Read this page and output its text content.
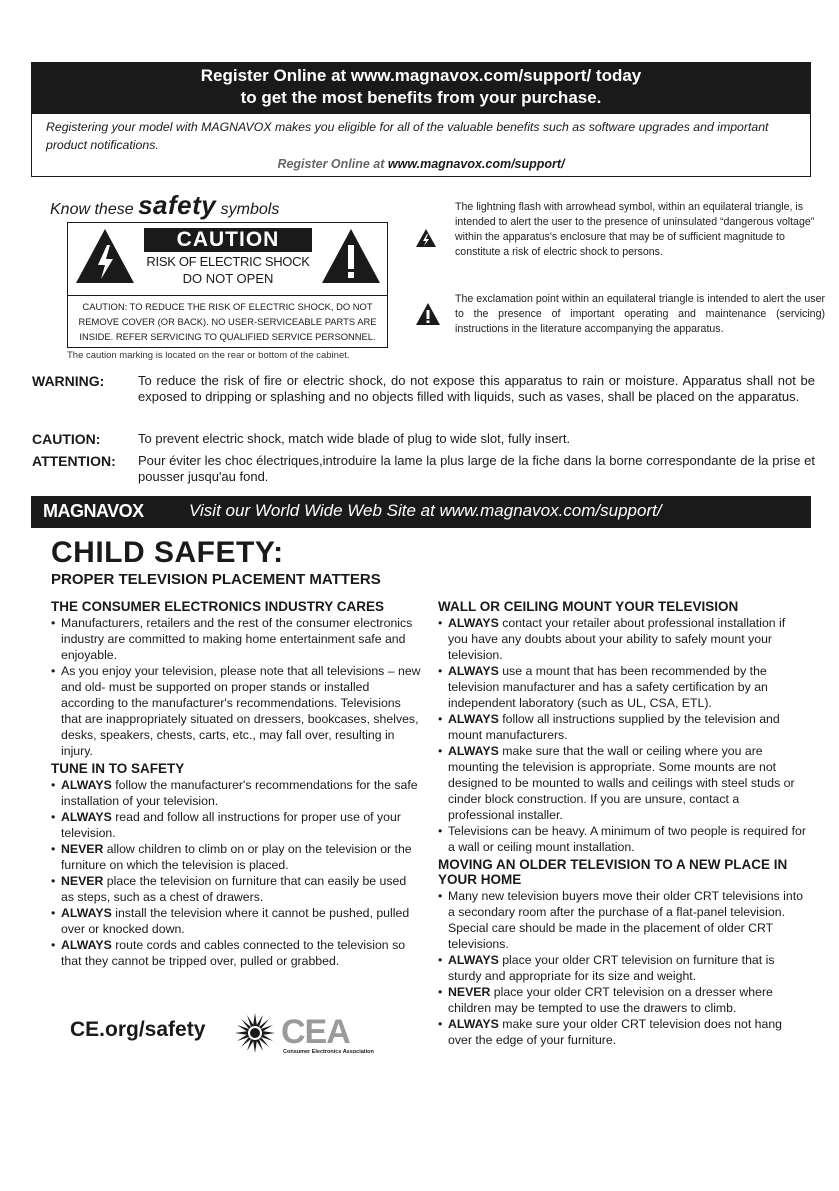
Register Online at www.magnavox.com/support/ today
to get the most benefits from your purchase.
Registering your model with MAGNAVOX makes you eligible for all of the valuable benefits such as software upgrades and important product notifications.
Register Online at www.magnavox.com/support/
Know these safety symbols
CAUTION
RISK OF ELECTRIC SHOCK
DO NOT OPEN
CAUTION: TO REDUCE THE RISK OF ELECTRIC SHOCK, DO NOT
REMOVE COVER (OR BACK). NO USER-SERVICEABLE PARTS ARE
INSIDE. REFER SERVICING TO QUALIFIED SERVICE PERSONNEL.
The caution marking is located on the rear or bottom of the cabinet.
The lightning flash with arrowhead symbol, within an equilateral triangle, is intended to alert the user to the presence of uninsulated “dangerous voltage” within the apparatus's enclosure that may be of sufficient magnitude to constitute a risk of electric shock to persons.
The exclamation point within an equilateral triangle is intended to alert the user to the presence of important operating and maintenance (servicing) instructions in the literature accompanying the apparatus.
WARNING:	To reduce the risk of fire or electric shock, do not expose this apparatus to rain or moisture. Apparatus shall not be exposed to dripping or splashing and no objects filled with liquids, such as vases, shall be placed on the apparatus.
CAUTION:	To prevent electric shock, match wide blade of plug to wide slot, fully insert.
ATTENTION: Pour éviter les choc électriques,introduire la lame la plus large de la fiche dans la borne correspondante de la prise et pousser jusqu'au fond.
MAGNAVOX	Visit our World Wide Web Site at www.magnavox.com/support/
CHILD SAFETY:
PROPER TELEVISION PLACEMENT MATTERS
THE CONSUMER ELECTRONICS INDUSTRY CARES
• Manufacturers, retailers and the rest of the consumer electronics industry are committed to making home entertainment safe and enjoyable.
• As you enjoy your television, please note that all televisions – new and old- must be supported on proper stands or installed according to the manufacturer's recommendations. Televisions that are inappropriately situated on dressers, bookcases, shelves, desks, speakers, chests, carts, etc., may fall over, resulting in injury.
TUNE IN TO SAFETY
• ALWAYS follow the manufacturer's recommendations for the safe installation of your television.
• ALWAYS read and follow all instructions for proper use of your television.
• NEVER allow children to climb on or play on the television or the furniture on which the television is placed.
• NEVER place the television on furniture that can easily be used as steps, such as a chest of drawers.
• ALWAYS install the television where it cannot be pushed, pulled over or knocked down.
• ALWAYS route cords and cables connected to the television so that they cannot be tripped over, pulled or grabbed.
WALL OR CEILING MOUNT YOUR TELEVISION
• ALWAYS contact your retailer about professional installation if you have any doubts about your ability to safely mount your television.
• ALWAYS use a mount that has been recommended by the television manufacturer and has a safety certification by an independent laboratory (such as UL, CSA, ETL).
• ALWAYS follow all instructions supplied by the television and mount manufacturers.
• ALWAYS make sure that the wall or ceiling where you are mounting the television is appropriate. Some mounts are not designed to be mounted to walls and ceilings with steel studs or cinder block construction. If you are unsure, contact a professional installer.
• Televisions can be heavy. A minimum of two people is required for a wall or ceiling mount installation.
MOVING AN OLDER TELEVISION TO A NEW PLACE IN YOUR HOME
• Many new television buyers move their older CRT televisions into a secondary room after the purchase of a flat-panel television. Special care should be made in the placement of older CRT televisions.
• ALWAYS place your older CRT television on furniture that is sturdy and appropriate for its size and weight.
• NEVER place your older CRT television on a dresser where children may be tempted to use the drawers to climb.
• ALWAYS make sure your older CRT television does not hang over the edge of your furniture.
CE.org/safety CEA
Consumer Electronics Association
